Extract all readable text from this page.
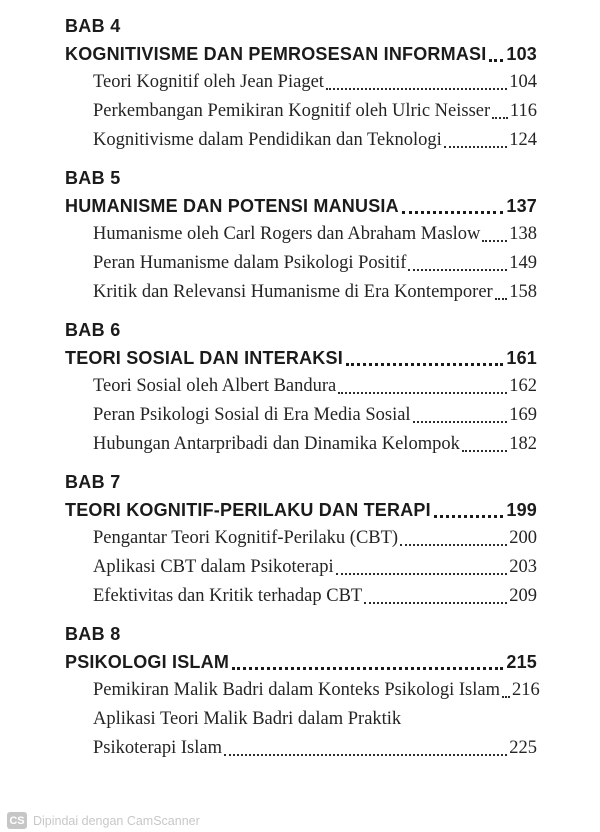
BAB 4
KOGNITIVISME DAN PEMROSESAN INFORMASI 103
Teori Kognitif oleh Jean Piaget	104
Perkembangan Pemikiran Kognitif oleh Ulric Neisser 116
Kognitivisme dalam Pendidikan dan Teknologi	124
BAB 5
HUMANISME DAN POTENSI MANUSIA	137
Humanisme oleh Carl Rogers dan Abraham Maslow 138
Peran Humanisme dalam Psikologi Positif	149
Kritik dan Relevansi Humanisme di Era Kontemporer 158
BAB 6
TEORI SOSIAL DAN INTERAKSI	161
Teori Sosial oleh Albert Bandura	162
Peran Psikologi Sosial di Era Media Sosial	169
Hubungan Antarpribadi dan Dinamika Kelompok	182
BAB 7
TEORI KOGNITIF-PERILAKU DAN TERAPI	199
Pengantar Teori Kognitif-Perilaku (CBT)	200
Aplikasi CBT dalam Psikoterapi	203
Efektivitas dan Kritik terhadap CBT	209
BAB 8
PSIKOLOGI ISLAM	215
Pemikiran Malik Badri dalam Konteks Psikologi Islam 216
Aplikasi Teori Malik Badri dalam Praktik
Psikoterapi Islam	225
CS Dipindai dengan CamScanner
